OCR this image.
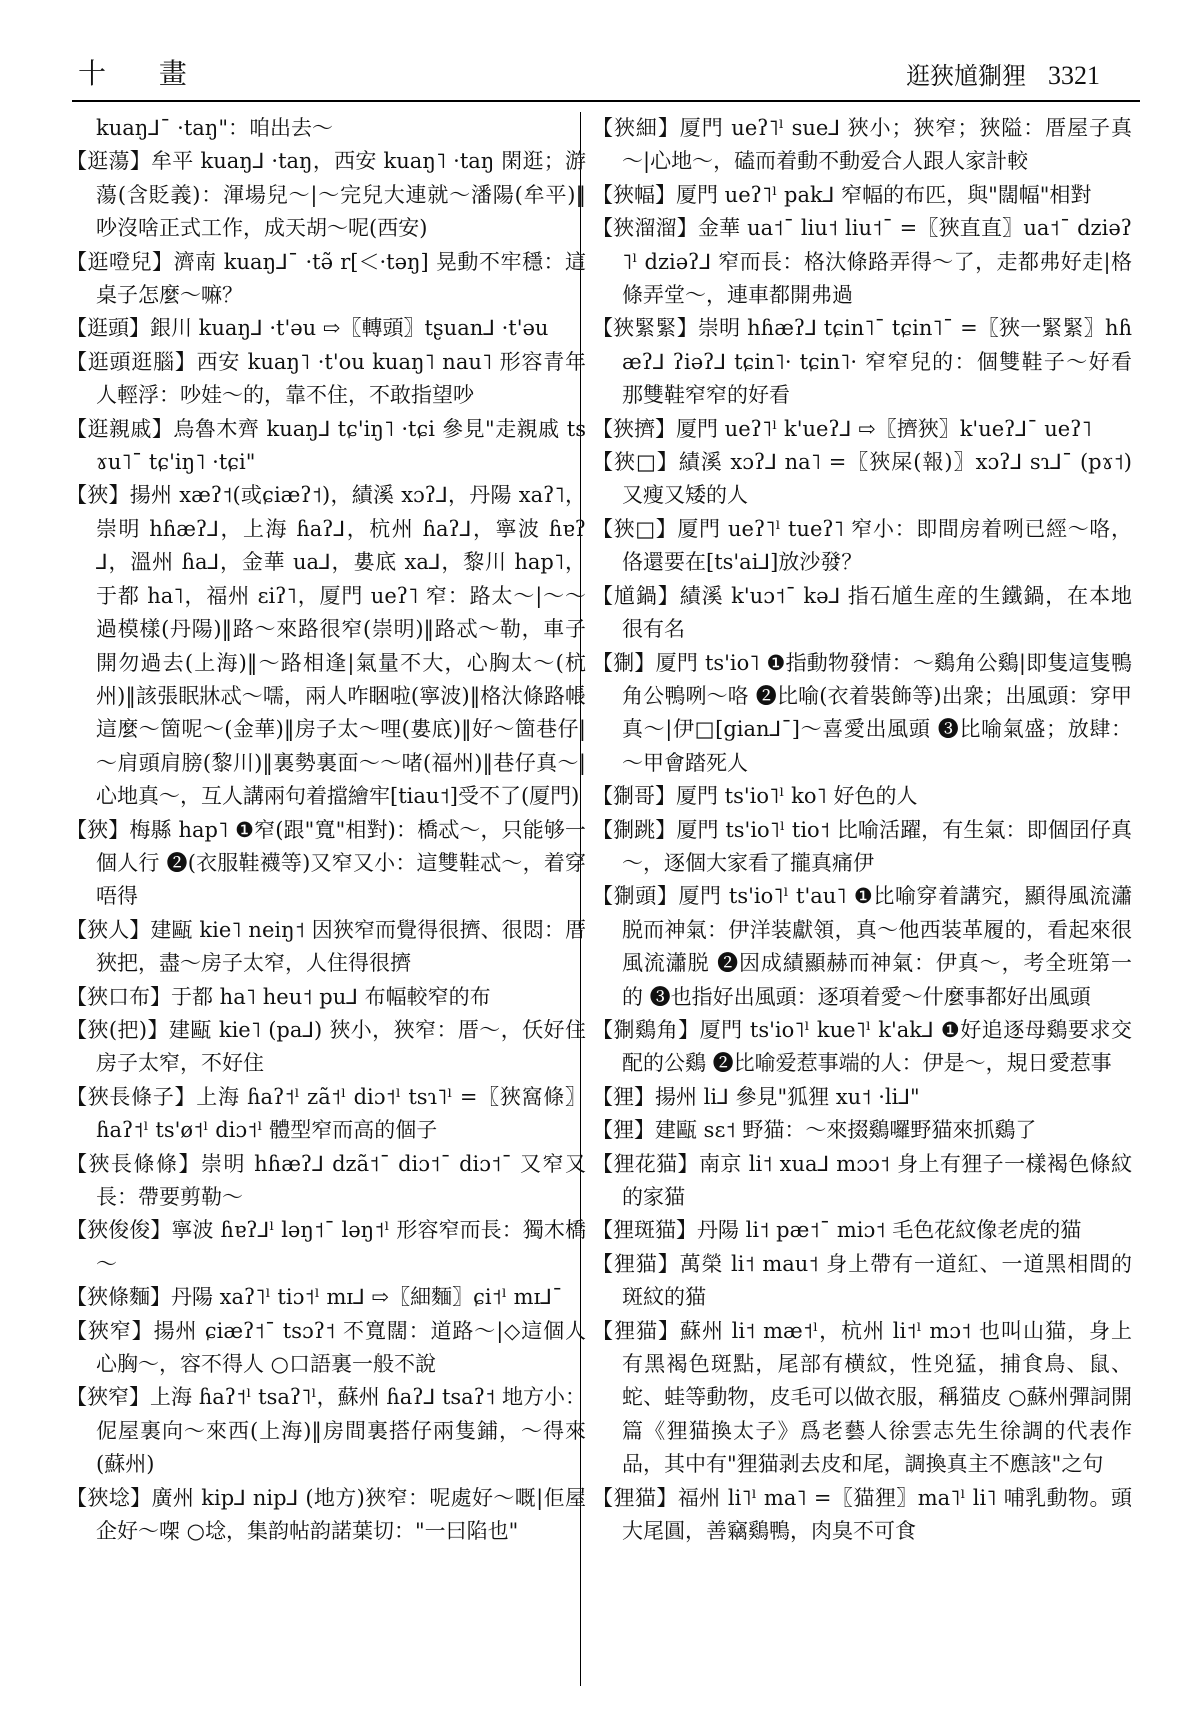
十 畫	逛狹馗猘狸 3321

kuaŋ⅃ˉ ·taŋ"：咱出去～

【逛蕩】牟平 kuaŋ⅃ ·taŋ，西安 kuaŋ˥ ·taŋ 閑逛；游蕩(含貶義)：渾場兒～|～完兒大連就～潘陽(牟平)‖吵沒啥正式工作，成天胡～呢(西安)

【逛噔兒】濟南 kuaŋ⅃ˉ ·tə̃ r[＜·təŋ] 晃動不牢穩：這桌子怎麼～嘛？

【逛頭】銀川 kuaŋ⅃ ·t'əu ⇨〖轉頭〗tʂuan⅃ ·t'əu

【逛頭逛腦】西安 kuaŋ˥ ·t'ou kuaŋ˥ nau˥ 形容青年人輕浮：吵娃～的，靠不住，不敢指望吵

【逛親戚】烏魯木齊 kuaŋ⅃ tɕ'iŋ˥ ·tɕi 參見"走親戚 tsɤu˥ˉ tɕ'iŋ˥ ·tɕi"

【狹】揚州 xæʔ˦(或ɕiæʔ˦)，績溪 xɔʔ⅃，丹陽 xaʔ˥，崇明 hɦæʔ⅃，上海 ɦaʔ⅃，杭州 ɦaʔ⅃，寧波 ɦɐʔ⅃，溫州 ɦa⅃，金華 ua⅃，婁底 xa⅃，黎川 hap˥，于都 ha˥，福州 ɛiʔ˥，厦門 ueʔ˥ 窄：路太～|～～過模樣(丹陽)‖路～來路很窄(崇明)‖路忒～勒，車子開勿過去(上海)‖～路相逢|氣量不大，心胸太～(杭州)‖該張眠牀忒～嚅，兩人咋睏啦(寧波)‖格汏條路帳這麼～箇呢～(金華)‖房子太～哩(婁底)‖好～箇巷仔|～肩頭肩膀(黎川)‖裏勢裏面～～啫(福州)‖巷仔真～|心地真～，互人講兩句着擋繪牢[tiau˦]受不了(厦門)

【狹】梅縣 hap˥ ❶窄(跟"寬"相對)：橋忒～，只能够一個人行 ❷(衣服鞋襪等)又窄又小：這雙鞋忒～，着穿唔得

【狹人】建甌 kie˥ neiŋ˦ 因狹窄而覺得很擠、很悶：厝狹把，盡～房子太窄，人住得很擠

【狹口布】于都 ha˥ heu˦ pu⅃ 布幅較窄的布

【狹(把)】建甌 kie˥ (pa⅃) 狹小，狹窄：厝～，仸好住房子太窄，不好住

【狹長條子】上海 ɦaʔ˦ˡ zã˦ˡ diɔ˦ˡ tsɿ˥ˡ =〖狹窩條〗ɦaʔ˦ˡ ts'ø˦ˡ diɔ˦ˡ 體型窄而高的個子

【狹長條條】崇明 hɦæʔ⅃ dzã˦ˉ diɔ˦ˉ diɔ˦ˉ 又窄又長：帶要剪勒～

【狹俊俊】寧波 ɦɐʔ⅃ˡ ləŋ˦ˉ ləŋ˦ˡ 形容窄而長：獨木橋～

【狹條麵】丹陽 xaʔ˥ˡ tiɔ˦ˡ mɪ⅃ ⇨〖細麵〗ɕi˦ˡ mɪ⅃ˉ

【狹窄】揚州 ɕiæʔ˦ˉ tsɔʔ˦ 不寬闊：道路～|◇這個人心胸～，容不得人 ○口語裏一般不說

【狹窄】上海 ɦaʔ˦ˡ tsaʔ˥ˡ，蘇州 ɦaʔ⅃ tsaʔ˦ 地方小：伲屋裏向～來西(上海)‖房間裏搭仔兩隻鋪，～得來(蘇州)

【狹埝】廣州 kip⅃ nip⅃ (地方)狹窄：呢處好～嘅|佢屋企好～㗎 ○埝，集韵帖韵諾葉切："一曰陷也"

【狹細】厦門 ueʔ˥ˡ sue⅃ 狹小；狹窄；狹隘：厝屋子真～|心地～，磕而着動不動爱合人跟人家計較

【狹幅】厦門 ueʔ˥ˡ pak⅃ 窄幅的布匹，與"闊幅"相對

【狹溜溜】金華 ua˦ˉ liu˦ liu˦ˉ =〖狹直直〗ua˦ˉ dziəʔ˥ˡ dziəʔ⅃ 窄而長：格汏條路弄得～了，走都弗好走|格條弄堂～，連車都開弗過

【狹緊緊】崇明 hɦæʔ⅃ tɕin˥ˉ tɕin˥ˉ =〖狹一緊緊〗hɦæʔ⅃ ʔiəʔ⅃ tɕin˥· tɕin˥· 窄窄兒的：個雙鞋子～好看那雙鞋窄窄的好看

【狹擠】厦門 ueʔ˥ˡ k'ueʔ⅃ ⇨〖擠狹〗k'ueʔ⅃ˉ ueʔ˥

【狹□】績溪 xɔʔ⅃ na˥ =〖狹屎(報)〗xɔʔ⅃ sɿ⅃ˉ (pɤ˦) 又瘦又矮的人

【狹□】厦門 ueʔ˥ˡ tueʔ˥ 窄小：即間房着咧已經～咯，佫還要在[ts'ai⅃]放沙發？

【馗鍋】績溪 k'uɔ˦ˉ kə⅃ 指石馗生産的生鐵鍋，在本地很有名

【猘】厦門 ts'io˥ ❶指動物發情：～鷄角公鷄|即隻這隻鴨角公鴨咧～咯 ❷比喻(衣着裝飾等)出衆；出風頭：穿甲真～|伊□[gian⅃ˉ]～喜愛出風頭 ❸比喻氣盛；放肆：～甲會踏死人

【猘哥】厦門 ts'io˥ˡ ko˥ 好色的人

【猘跳】厦門 ts'io˥ˡ tio˦ 比喻活躍，有生氣：即個囝仔真～，逐個大家看了攏真痛伊

【猘頭】厦門 ts'io˥ˡ t'au˥ ❶比喻穿着講究，顯得風流瀟脱而神氣：伊洋装獻領，真～他西装革履的，看起來很風流瀟脱 ❷因成績顯赫而神氣：伊真～，考全班第一的 ❸也指好出風頭：逐項着愛～什麼事都好出風頭

【猘鷄角】厦門 ts'io˥ˡ kue˥ˡ k'ak⅃ ❶好追逐母鷄要求交配的公鷄 ❷比喻爱惹事端的人：伊是～，規日愛惹事

【狸】揚州 li⅃ 參見"狐狸 xu˦ ·li⅃"

【狸】建甌 sɛ˦ 野猫：～來掇鷄囉野猫來抓鷄了

【狸花猫】南京 li˦ xua⅃ mɔɔ˦ 身上有狸子一樣褐色條紋的家猫

【狸斑猫】丹陽 li˦ pæ˦ˉ miɔ˦ 毛色花紋像老虎的猫

【狸猫】萬榮 li˦ mau˦ 身上帶有一道紅、一道黑相間的斑紋的猫

【狸猫】蘇州 li˦ mæ˦ˡ，杭州 li˦ˡ mɔ˦ 也叫山猫，身上有黑褐色斑點，尾部有横紋，性兇猛，捕食鳥、鼠、蛇、蛙等動物，皮毛可以做衣服，稱猫皮 ○蘇州彈詞開篇《狸猫換太子》爲老藝人徐雲志先生徐調的代表作品，其中有"狸猫剥去皮和尾，調換真主不應該"之句

【狸猫】福州 li˥ˡ ma˥ =〖猫狸〗ma˥ˡ li˥ 哺乳動物。頭大尾圓，善竊鷄鴨，肉臭不可食
